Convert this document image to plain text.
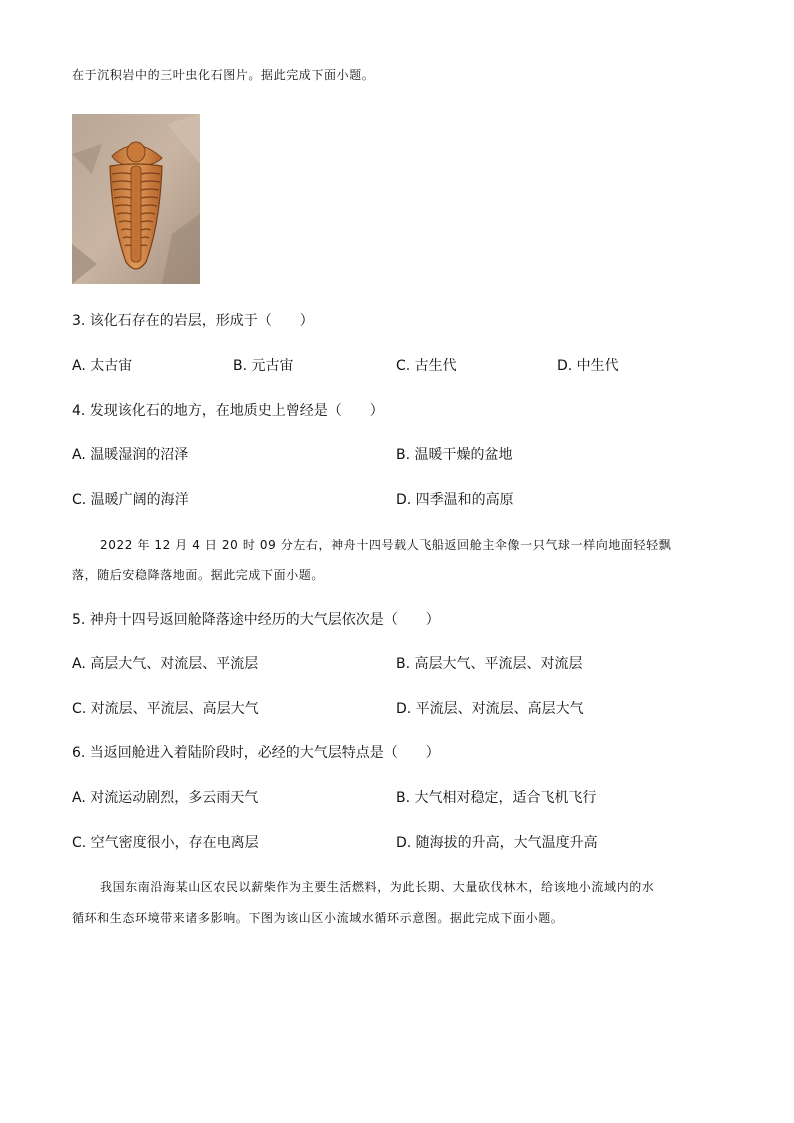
在于沉积岩中的三叶虫化石图片。据此完成下面小题。
3. 该化石存在的岩层，形成于（　　）
A. 太古宙	B. 元古宙	C. 古生代	D. 中生代
4. 发现该化石的地方，在地质史上曾经是（　　）
A. 温暖湿润的沼泽	B. 温暖干燥的盆地
C. 温暖广阔的海洋	D. 四季温和的高原
2022 年 12 月 4 日 20 时 09 分左右，神舟十四号载人飞船返回舱主伞像一只气球一样向地面轻轻飘
落，随后安稳降落地面。据此完成下面小题。
5. 神舟十四号返回舱降落途中经历的大气层依次是（　　）
A. 高层大气、对流层、平流层	B. 高层大气、平流层、对流层
C. 对流层、平流层、高层大气	D. 平流层、对流层、高层大气
6. 当返回舱进入着陆阶段时，必经的大气层特点是（　　）
A. 对流运动剧烈，多云雨天气	B. 大气相对稳定，适合飞机飞行
C. 空气密度很小，存在电离层	D. 随海拔的升高，大气温度升高
我国东南沿海某山区农民以薪柴作为主要生活燃料，为此长期、大量砍伐林木，给该地小流域内的水
循环和生态环境带来诸多影响。下图为该山区小流域水循环示意图。据此完成下面小题。
